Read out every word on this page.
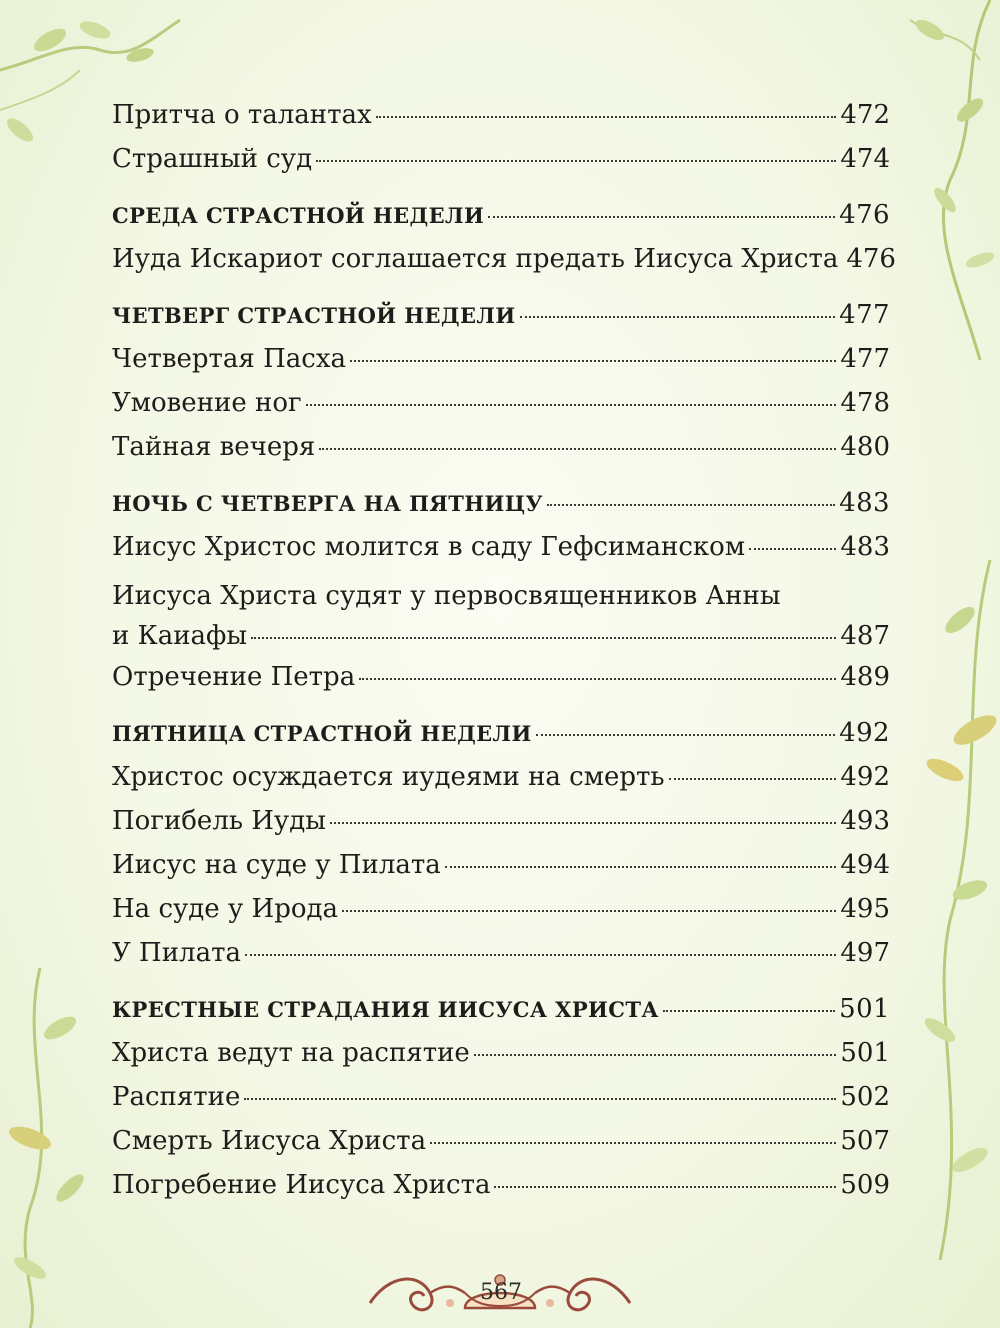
Притча о талантах	472
Страшный суд	474
СРЕДА СТРАСТНОЙ НЕДЕЛИ	476
Иуда Искариот соглашается предать Иисуса Христа 476
ЧЕТВЕРГ СТРАСТНОЙ НЕДЕЛИ	477
Четвертая Пасха	477
Умовение ног	478
Тайная вечеря	480
НОЧЬ С ЧЕТВЕРГА НА ПЯТНИЦУ	483
Иисус Христос молится в саду Гефсиманском	483
Иисуса Христа судят у первосвященников Анны
и Каиафы	487
Отречение Петра	489
ПЯТНИЦА СТРАСТНОЙ НЕДЕЛИ	492
Христос осуждается иудеями на смерть	492
Погибель Иуды	493
Иисус на суде у Пилата	494
На суде у Ирода	495
У Пилата	497
КРЕСТНЫЕ СТРАДАНИЯ ИИСУСА ХРИСТА	501
Христа ведут на распятие	501
Распятие	502
Смерть Иисуса Христа	507
Погребение Иисуса Христа	509
567
